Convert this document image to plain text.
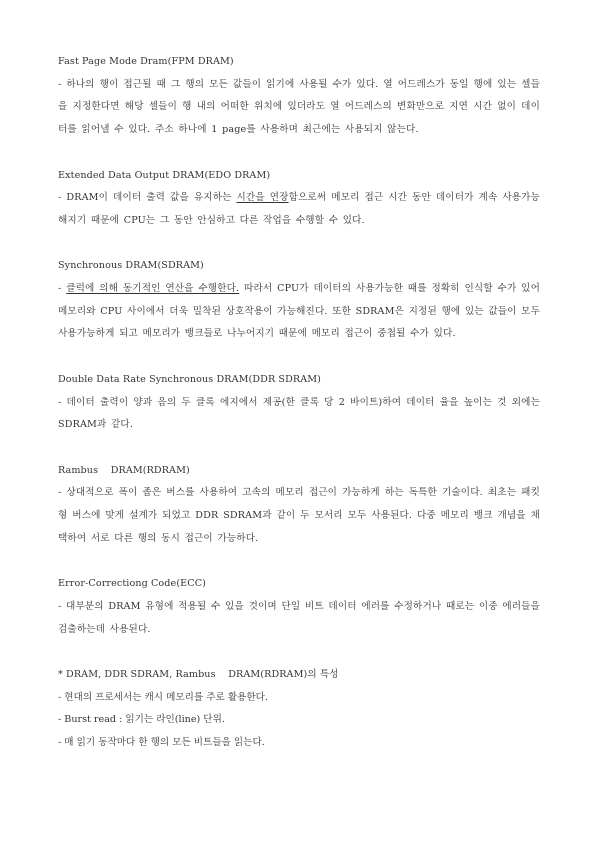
Fast Page Mode Dram(FPM DRAM)
- 하나의 행이 접근될 때 그 행의 모든 값들이 읽기에 사용될 수가 있다. 열 어드레스가 동일 행에 있는 셀들을 지정한다면 해당 셀들이 행 내의 어떠한 위치에 있더라도 열 어드레스의 변화만으로 지연 시간 없이 데이터를 읽어낼 수 있다. 주소 하나에 1 page를 사용하며 최근에는 사용되지 않는다.
Extended Data Output DRAM(EDO DRAM)
- DRAM이 데이터 출력 값을 유지하는 시간을 연장함으로써 메모리 접근 시간 동안 데이터가 계속 사용가능해지기 때문에 CPU는 그 동안 안심하고 다른 작업을 수행할 수 있다.
Synchronous DRAM(SDRAM)
- 클럭에 의해 동기적인 연산을 수행한다. 따라서 CPU가 데이터의 사용가능한 때를 정확히 인식할 수가 있어 메모리와 CPU 사이에서 더욱 밀착된 상호작용이 가능해진다. 또한 SDRAM은 지정된 행에 있는 값들이 모두 사용가능하게 되고 메모리가 뱅크들로 나누어지기 때문에 메모리 접근이 중첩될 수가 있다.
Double Data Rate Synchronous DRAM(DDR SDRAM)
- 데이터 출력이 양과 음의 두 클록 에지에서 제공(한 클록 당 2 바이트)하여 데이터 율을 높이는 것 외에는 SDRAM과 같다.
Rambus    DRAM(RDRAM)
- 상대적으로 폭이 좁은 버스를 사용하여 고속의 메모리 접근이 가능하게 하는 독특한 기술이다. 최초는 패킷형 버스에 맞게 설계가 되었고 DDR SDRAM과 같이 두 모서리 모두 사용된다. 다중 메모리 뱅크 개념을 채택하여 서로 다른 행의 동시 접근이 가능하다.
Error-Correctiong Code(ECC)
- 대부분의 DRAM 유형에 적용될 수 있을 것이며 단일 비트 데이터 에러를 수정하거나 때로는 이중 에러들을 검출하는데 사용된다.
* DRAM, DDR SDRAM, Rambus    DRAM(RDRAM)의 특성
- 현대의 프로세서는 캐시 메모리를 주로 활용한다.
- Burst read : 읽기는 라인(line) 단위.
- 매 읽기 동작마다 한 행의 모든 비트들을 읽는다.
